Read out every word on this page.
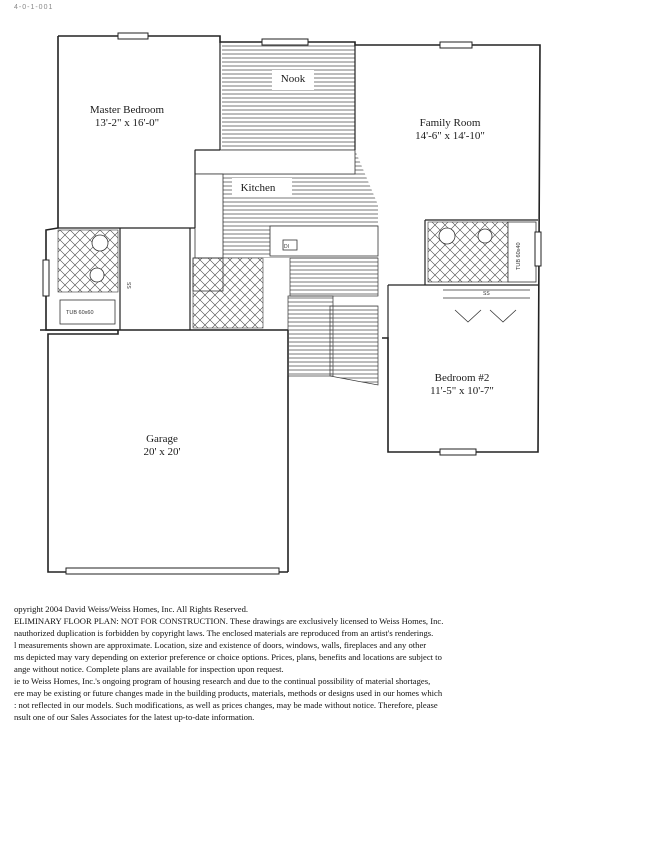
4-0-1-001
DI
TUB 60x60
TUB 60x40
SS
SS
Master Bedroom
13'-2" x 16'-0"
Nook
Family Room
14'-6" x 14'-10"
Kitchen
Bedroom #2
11'-5" x 10'-7"
Garage
20' x 20'
opyright 2004 David Weiss/Weiss Homes, Inc. All Rights Reserved.
ELIMINARY FLOOR PLAN: NOT FOR CONSTRUCTION. These drawings are exclusively licensed to Weiss Homes, Inc.
nauthorized duplication is forbidden by copyright laws. The enclosed materials are reproduced from an artist's renderings.
l measurements shown are approximate. Location, size and existence of doors, windows, walls, fireplaces and any other
ms depicted may vary depending on exterior preference or choice options. Prices, plans, benefits and locations are subject to
ange without notice. Complete plans are available for inspection upon request.
ie to Weiss Homes, Inc.'s ongoing program of housing research and due to the continual possibility of material shortages,
ere may be existing or future changes made in the building products, materials, methods or designs used in our homes which
: not reflected in our models. Such modifications, as well as prices changes, may be made without notice. Therefore, please
nsult one of our Sales Associates for the latest up-to-date information.
